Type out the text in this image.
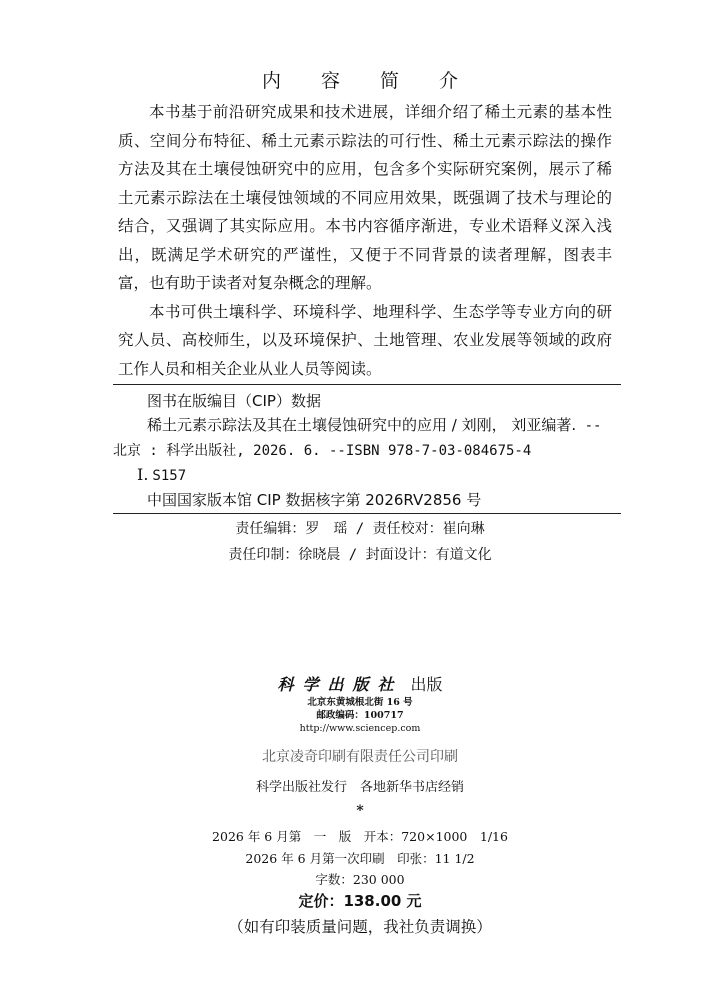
内 容 简 介

本书基于前沿研究成果和技术进展，详细介绍了稀土元素的基本性质、空间分布特征、稀土元素示踪法的可行性、稀土元素示踪法的操作方法及其在土壤侵蚀研究中的应用，包含多个实际研究案例，展示了稀土元素示踪法在土壤侵蚀领域的不同应用效果，既强调了技术与理论的结合，又强调了其实际应用。本书内容循序渐进，专业术语释义深入浅出，既满足学术研究的严谨性，又便于不同背景的读者理解，图表丰富，也有助于读者对复杂概念的理解。

本书可供土壤科学、环境科学、地理科学、生态学等专业方向的研究人员、高校师生，以及环境保护、土地管理、农业发展等领域的政府工作人员和相关企业从业人员等阅读。

图书在版编目（CIP）数据
稀土元素示踪法及其在土壤侵蚀研究中的应用 / 刘刚， 刘亚编著. -- 北京 : 科学出版社, 2026. 6. --ISBN 978-7-03-084675-4
Ⅰ. S157
中国国家版本馆 CIP 数据核字第 2026RV2856 号
责任编辑：罗　瑶 / 责任校对：崔向琳
责任印制：徐晓晨 / 封面设计：有道文化
科学出版社 出版
北京东黄城根北街 16 号
邮政编码：100717
http://www.sciencep.com
北京凌奇印刷有限责任公司印刷
科学出版社发行　各地新华书店经销
*
2026 年 6 月第　一　版　开本：720×1000　1/16
2026 年 6 月第一次印刷　印张：11 1/2
字数：230 000
定价：138.00 元
（如有印装质量问题，我社负责调换）
